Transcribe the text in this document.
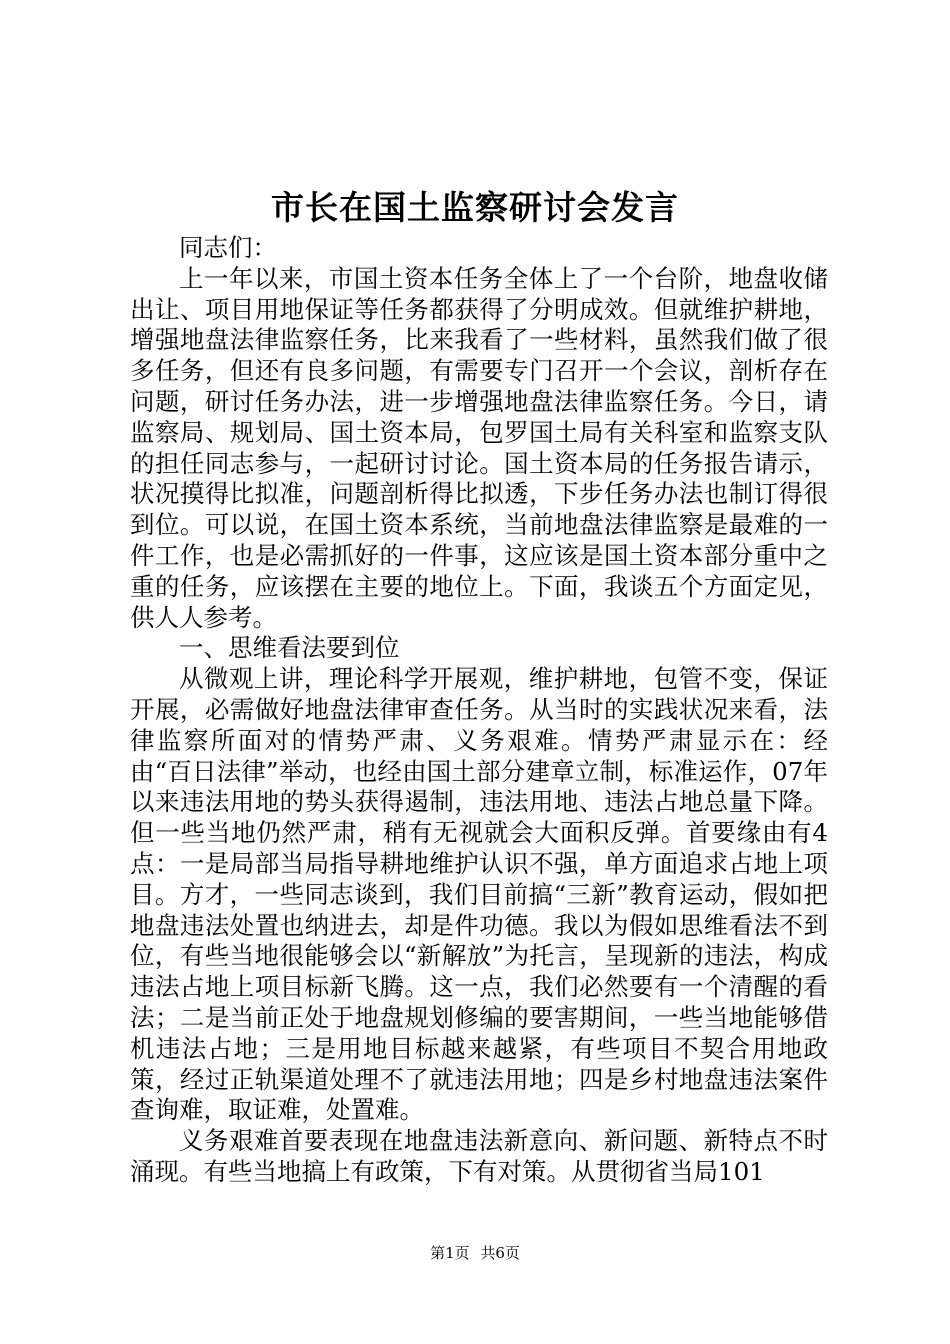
市长在国土监察研讨会发言

同志们：

上一年以来，市国土资本任务全体上了一个台阶，地盘收储出让、项目用地保证等任务都获得了分明成效。但就维护耕地，增强地盘法律监察任务，比来我看了一些材料，虽然我们做了很多任务，但还有良多问题，有需要专门召开一个会议，剖析存在问题，研讨任务办法，进一步增强地盘法律监察任务。今日，请监察局、规划局、国土资本局，包罗国土局有关科室和监察支队的担任同志参与，一起研讨讨论。国土资本局的任务报告请示，状况摸得比拟准，问题剖析得比拟透，下步任务办法也制订得很到位。可以说，在国土资本系统，当前地盘法律监察是最难的一件工作，也是必需抓好的一件事，这应该是国土资本部分重中之重的任务，应该摆在主要的地位上。下面，我谈五个方面定见，供人人参考。

一、思维看法要到位

从微观上讲，理论科学开展观，维护耕地，包管不变，保证开展，必需做好地盘法律审查任务。从当时的实践状况来看，法律监察所面对的情势严肃、义务艰难。情势严肃显示在：经由“百日法律”举动，也经由国土部分建章立制，标准运作，07年以来违法用地的势头获得遏制，违法用地、违法占地总量下降。但一些当地仍然严肃，稍有无视就会大面积反弹。首要缘由有4点：一是局部当局指导耕地维护认识不强，单方面追求占地上项目。方才，一些同志谈到，我们目前搞“三新”教育运动，假如把地盘违法处置也纳进去，却是件功德。我以为假如思维看法不到位，有些当地很能够会以“新解放”为托言，呈现新的违法，构成违法占地上项目标新飞腾。这一点，我们必然要有一个清醒的看法；二是当前正处于地盘规划修编的要害期间，一些当地能够借机违法占地；三是用地目标越来越紧，有些项目不契合用地政策，经过正轨渠道处理不了就违法用地；四是乡村地盘违法案件查询难，取证难，处置难。

义务艰难首要表现在地盘违法新意向、新问题、新特点不时涌现。有些当地搞上有政策，下有对策。从贯彻省当局101

第1页 共6页
